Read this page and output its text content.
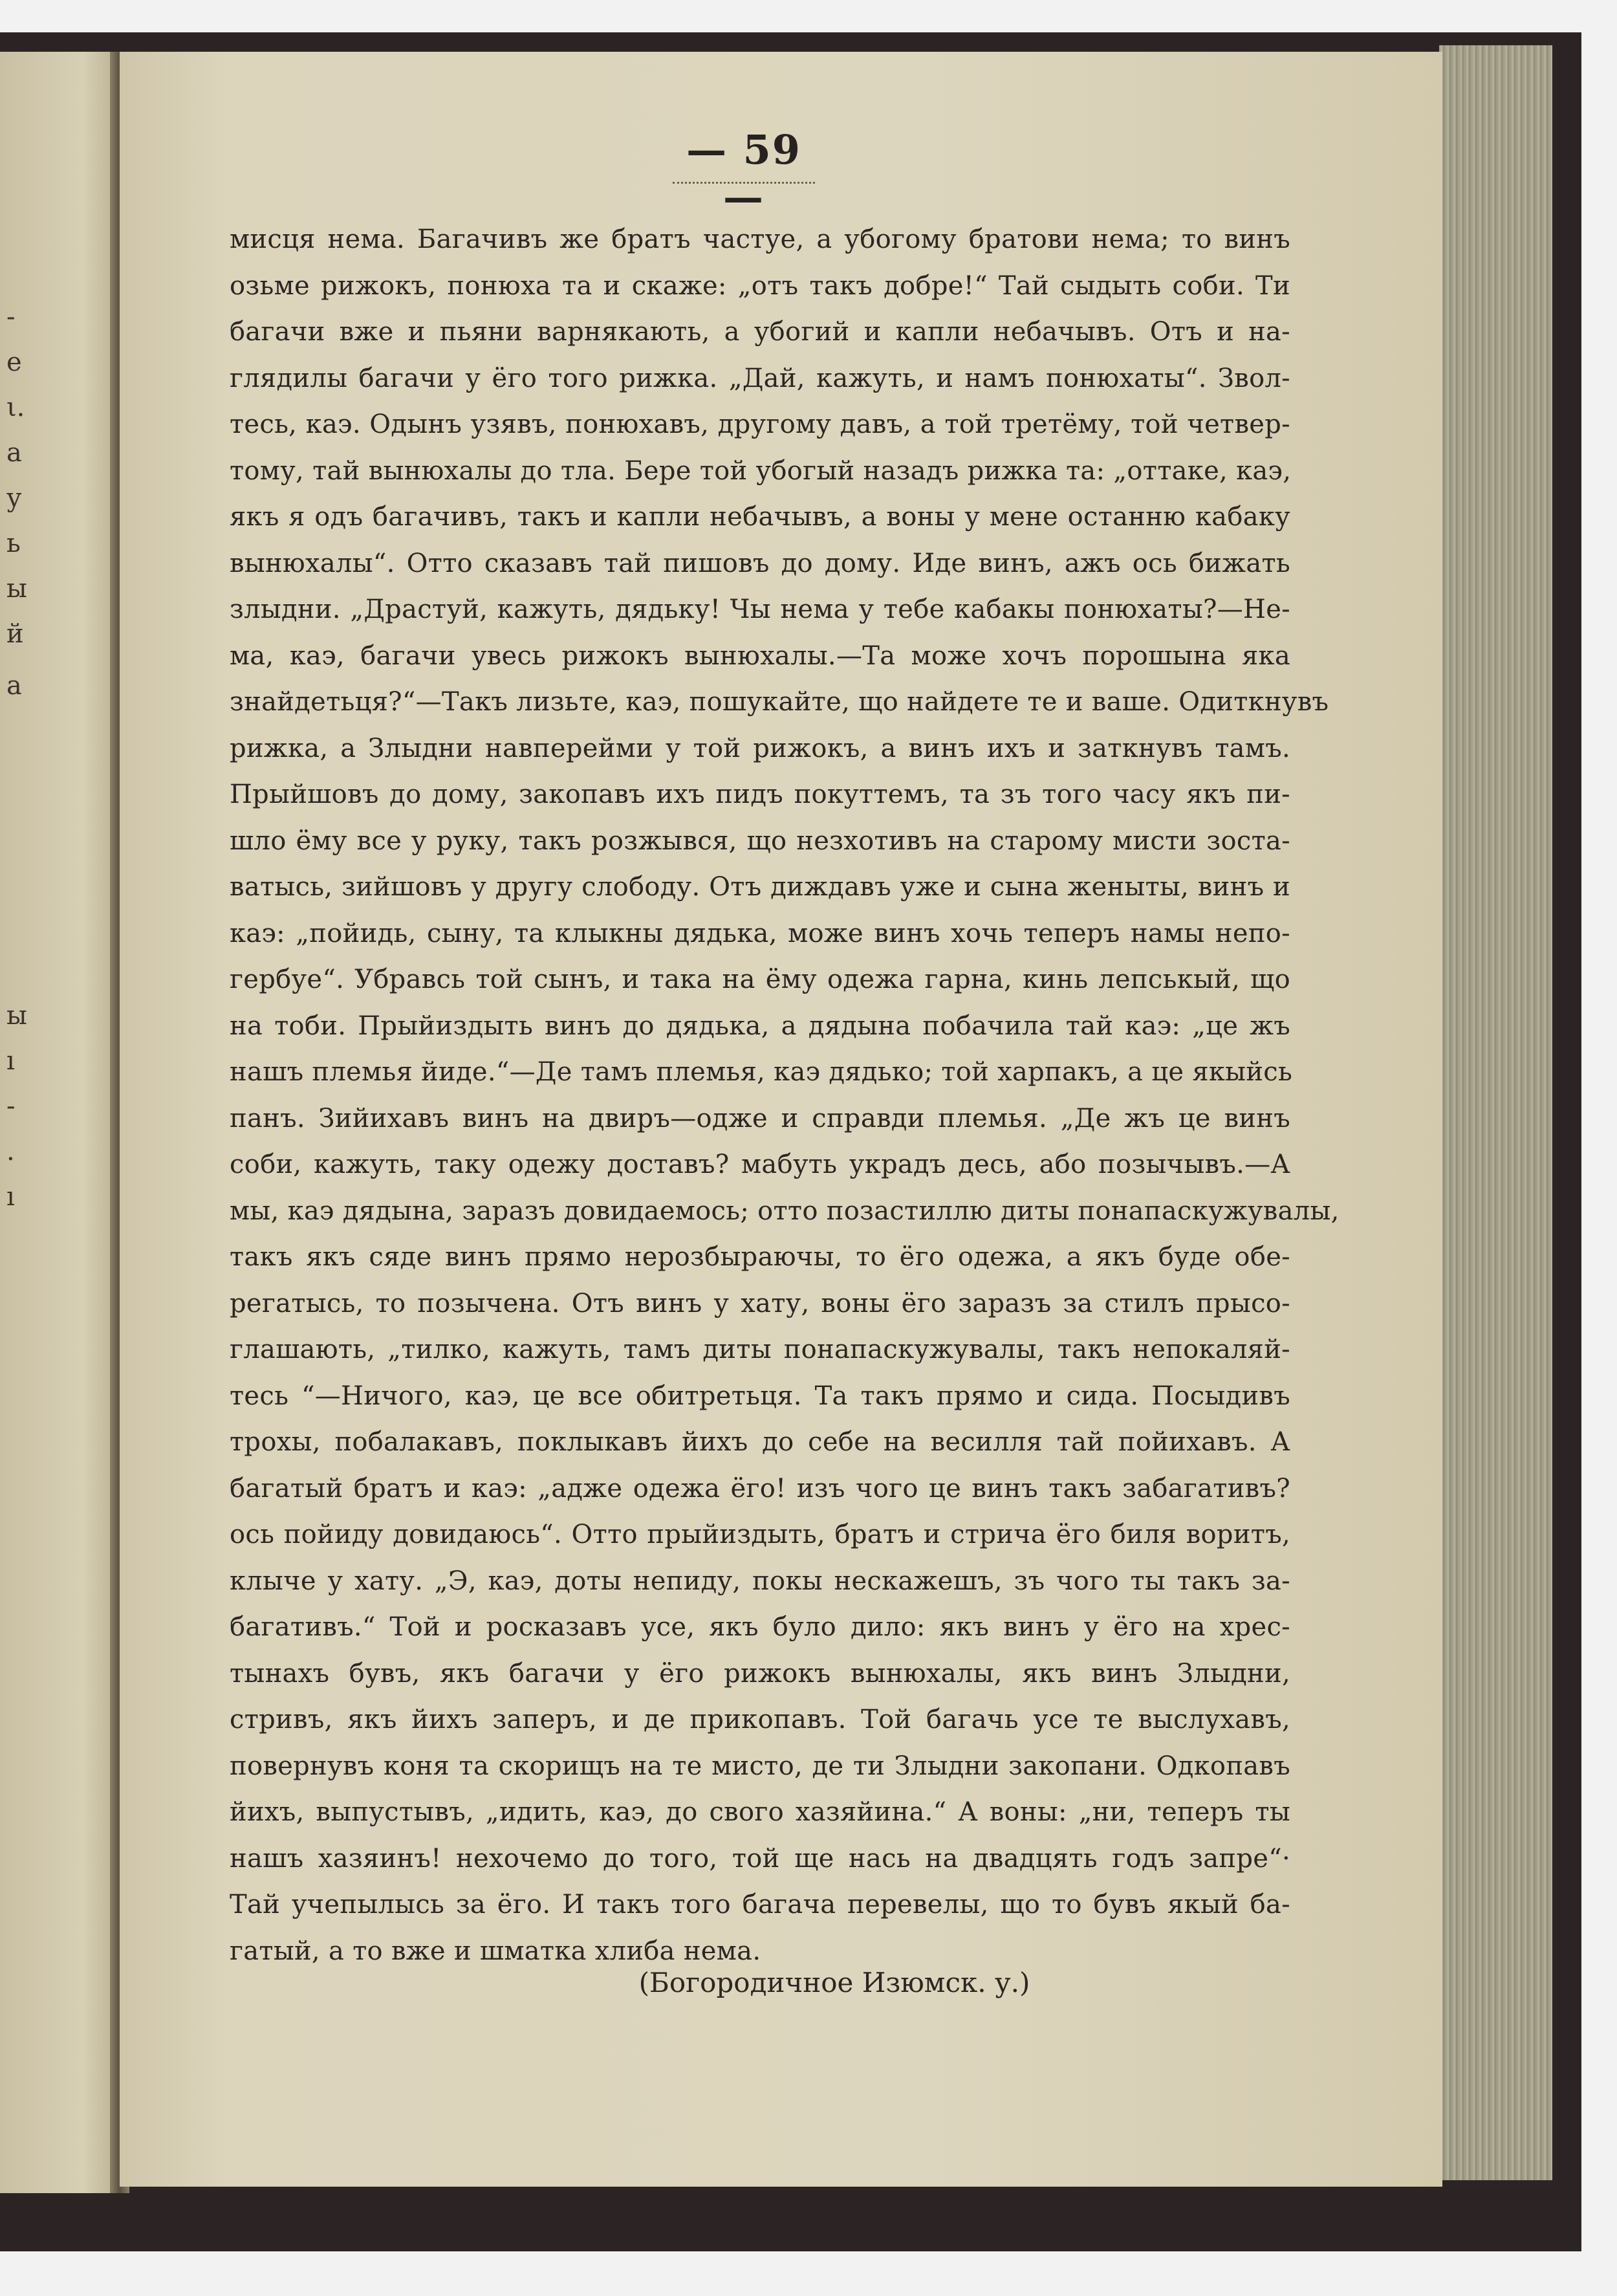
-
е
ι.
а
у
ь
ы
й
а
ы
ı
-
.
ı
— 59 —
мисця нема. Багачивъ же братъ частуе, а убогому братови нема; то винъ
озьме рижокъ, понюха та и скаже: „отъ такъ добре!“ Тай сыдыть соби. Ти
багачи вже и пьяни варнякають, а убогий и капли небачывъ. Отъ и на-
глядилы багачи у ёго того рижка. „Дай, кажуть, и намъ понюхаты“. Звол-
тесь, каэ. Одынъ узявъ, понюхавъ, другому давъ, а той третёму, той четвер-
тому, тай вынюхалы до тла. Бере той убогый назадъ рижка та: „оттаке, каэ,
якъ я одъ багачивъ, такъ и капли небачывъ, а воны у мене останню кабаку
вынюхалы“. Отто сказавъ тай пишовъ до дому. Иде винъ, ажъ ось бижать
злыдни. „Драстуй, кажуть, дядьку! Чы нема у тебе кабакы понюхаты?—Не-
ма, каэ, багачи увесь рижокъ вынюхалы.—Та може хочъ порошына яка
знайдетьця?“—Такъ лизьте, каэ, пошукайте, що найдете те и ваше. Одиткнувъ
рижка, а Злыдни навперейми у той рижокъ, а винъ ихъ и заткнувъ тамъ.
Прыйшовъ до дому, закопавъ ихъ пидъ покуттемъ, та зъ того часу якъ пи-
шло ёму все у руку, такъ розжывся, що незхотивъ на старому мисти зоста-
ватысь, зийшовъ у другу слободу. Отъ диждавъ уже и сына женыты, винъ и
каэ: „пойидь, сыну, та клыкны дядька, може винъ хочь теперъ намы непо-
гербуе“. Убравсь той сынъ, и така на ёму одежа гарна, кинь лепськый, що
на тоби. Прыйиздыть винъ до дядька, а дядына побачила тай каэ: „це жъ
нашъ племья йиде.“—Де тамъ племья, каэ дядько; той харпакъ, а це якыйсь
панъ. Зийихавъ винъ на двиръ—одже и справди племья. „Де жъ це винъ
соби, кажуть, таку одежу доставъ? мабуть украдъ десь, або позычывъ.—А
мы, каэ дядына, заразъ довидаемось; отто позастиллю диты понапаскужувалы,
такъ якъ сяде винъ прямо нерозбыраючы, то ёго одежа, а якъ буде обе-
регатысь, то позычена. Отъ винъ у хату, воны ёго заразъ за стилъ прысо-
глашають, „тилко, кажуть, тамъ диты понапаскужувалы, такъ непокаляй-
тесь “—Ничого, каэ, це все обитретьця. Та такъ прямо и сида. Посыдивъ
трохы, побалакавъ, поклыкавъ йихъ до себе на весилля тай пойихавъ. А
багатый братъ и каэ: „адже одежа ёго! изъ чого це винъ такъ забагативъ?
ось пойиду довидаюсь“. Отто прыйиздыть, братъ и стрича ёго биля воритъ,
клыче у хату. „Э, каэ, доты непиду, покы нескажешъ, зъ чого ты такъ за-
багативъ.“ Той и росказавъ усе, якъ було дило: якъ винъ у ёго на хрес-
тынахъ бувъ, якъ багачи у ёго рижокъ вынюхалы, якъ винъ Злыдни,
стривъ, якъ йихъ заперъ, и де прикопавъ. Той багачь усе те выслухавъ,
повернувъ коня та скорищъ на те мисто, де ти Злыдни закопани. Одкопавъ
йихъ, выпустывъ, „идить, каэ, до свого хазяйина.“ А воны: „ни, теперъ ты
нашъ хазяинъ! нехочемо до того, той ще нась на двадцять годъ запре“·
Тай учепылысь за ёго. И такъ того багача перевелы, що то бувъ якый ба-
гатый, а то вже и шматка хлиба нема.
(Богородичное Изюмск. у.)
